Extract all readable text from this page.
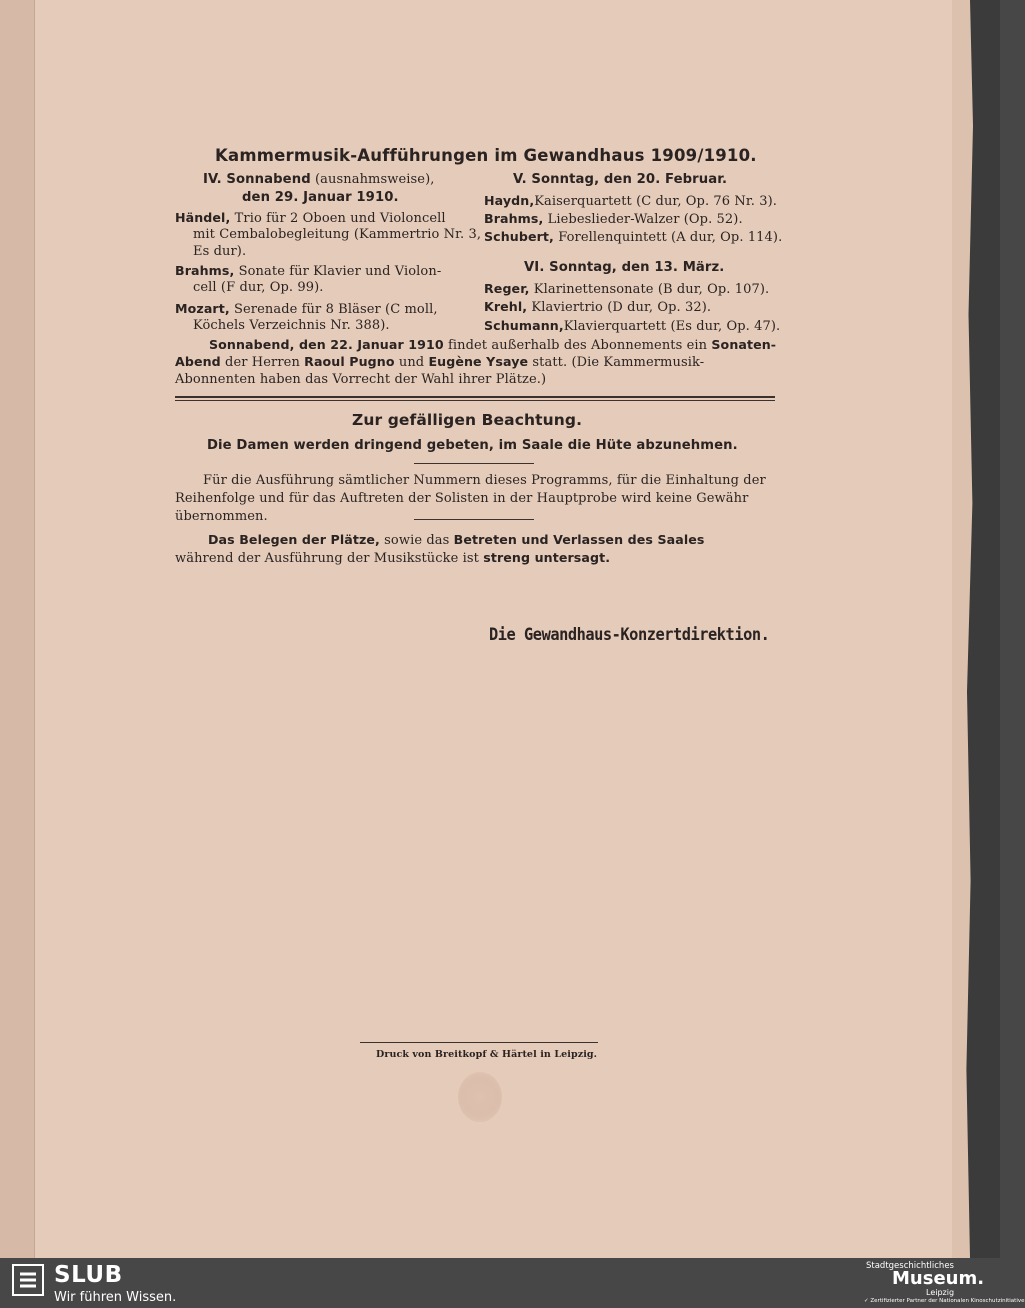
Kammermusik-Aufführungen im Gewandhaus 1909/1910.
IV. Sonnabend (ausnahmsweise),
den 29. Januar 1910.
Händel, Trio für 2 Oboen und Violoncell
mit Cembalobegleitung (Kammertrio Nr. 3,
Es dur).
Brahms, Sonate für Klavier und Violon-
cell (F dur, Op. 99).
Mozart, Serenade für 8 Bläser (C moll,
Köchels Verzeichnis Nr. 388).
V. Sonntag, den 20. Februar.
Haydn,Kaiserquartett (C dur, Op. 76 Nr. 3).
Brahms, Liebeslieder-Walzer (Op. 52).
Schubert, Forellenquintett (A dur, Op. 114).
VI. Sonntag, den 13. März.
Reger, Klarinettensonate (B dur, Op. 107).
Krehl, Klaviertrio (D dur, Op. 32).
Schumann,Klavierquartett (Es dur, Op. 47).
Sonnabend, den 22. Januar 1910 findet außerhalb des Abonnements ein Sonaten-
Abend der Herren Raoul Pugno und Eugène Ysaye statt. (Die Kammermusik-
Abonnenten haben das Vorrecht der Wahl ihrer Plätze.)
Zur gefälligen Beachtung.
Die Damen werden dringend gebeten, im Saale die Hüte abzunehmen.
Für die Ausführung sämtlicher Nummern dieses Programms, für die Einhaltung der
Reihenfolge und für das Auftreten der Solisten in der Hauptprobe wird keine Gewähr
übernommen.
Das Belegen der Plätze, sowie das Betreten und Verlassen des Saales
während der Ausführung der Musikstücke ist streng untersagt.
Die Gewandhaus-Konzertdirektion.
Druck von Breitkopf & Härtel in Leipzig.
SLUB
Wir führen Wissen.
Stadtgeschichtliches
Museum.
Leipzig
✓ Zertifizierter Partner der Nationalen Kinoschutzinitiative
